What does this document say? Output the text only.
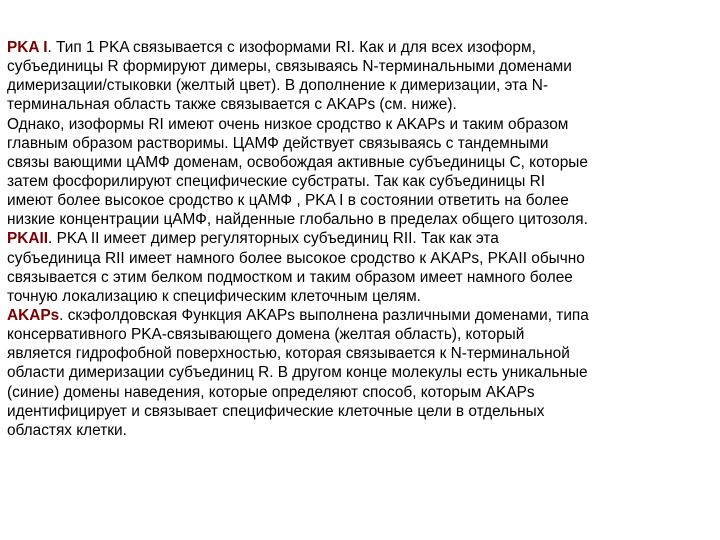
PKA I. Тип 1 PKA связывается с изоформами RI. Как и для всех изоформ,
субъединицы R формируют димеры, связываясь N-терминальными доменами
димеризации/стыковки (желтый цвет). В дополнение к димеризации, эта N-
терминальная область также связывается с AKAPs (см. ниже).
Однако, изоформы RI имеют очень низкое сродство к AKAPs и таким образом
главным образом растворимы. ЦАМФ действует связываясь с тандемными
связы вающими цАМФ доменам, освобождая активные субъединицы C, которые
затем фосфорилируют специфические субстраты. Так как субъединицы RI
имеют более высокое сродство к цАМФ , PKA I в состоянии ответить на более
низкие концентрации цАМФ, найденные глобально в пределах общего цитозоля.
PKAII. PKA II имеет димер регуляторных субъединиц RII. Так как эта
субъединица RII имеет намного более высокое сродство к AKAPs, PKAII обычно
связывается с этим белком подмостком и таким образом имеет намного более
точную локализацию к специфическим клеточным целям.
AKAPs. скэфолдовская Функция AKAPs выполнена различными доменами, типа
консервативного PKA-связывающего домена (желтая область), который
является гидрофобной поверхностью, которая связывается к N-терминальной
области димеризации субъединиц R. В другом конце молекулы есть уникальные
(синие) домены наведения, которые определяют способ, которым AKAPs
идентифицирует и связывает специфические клеточные цели в отдельных
областях клетки.
